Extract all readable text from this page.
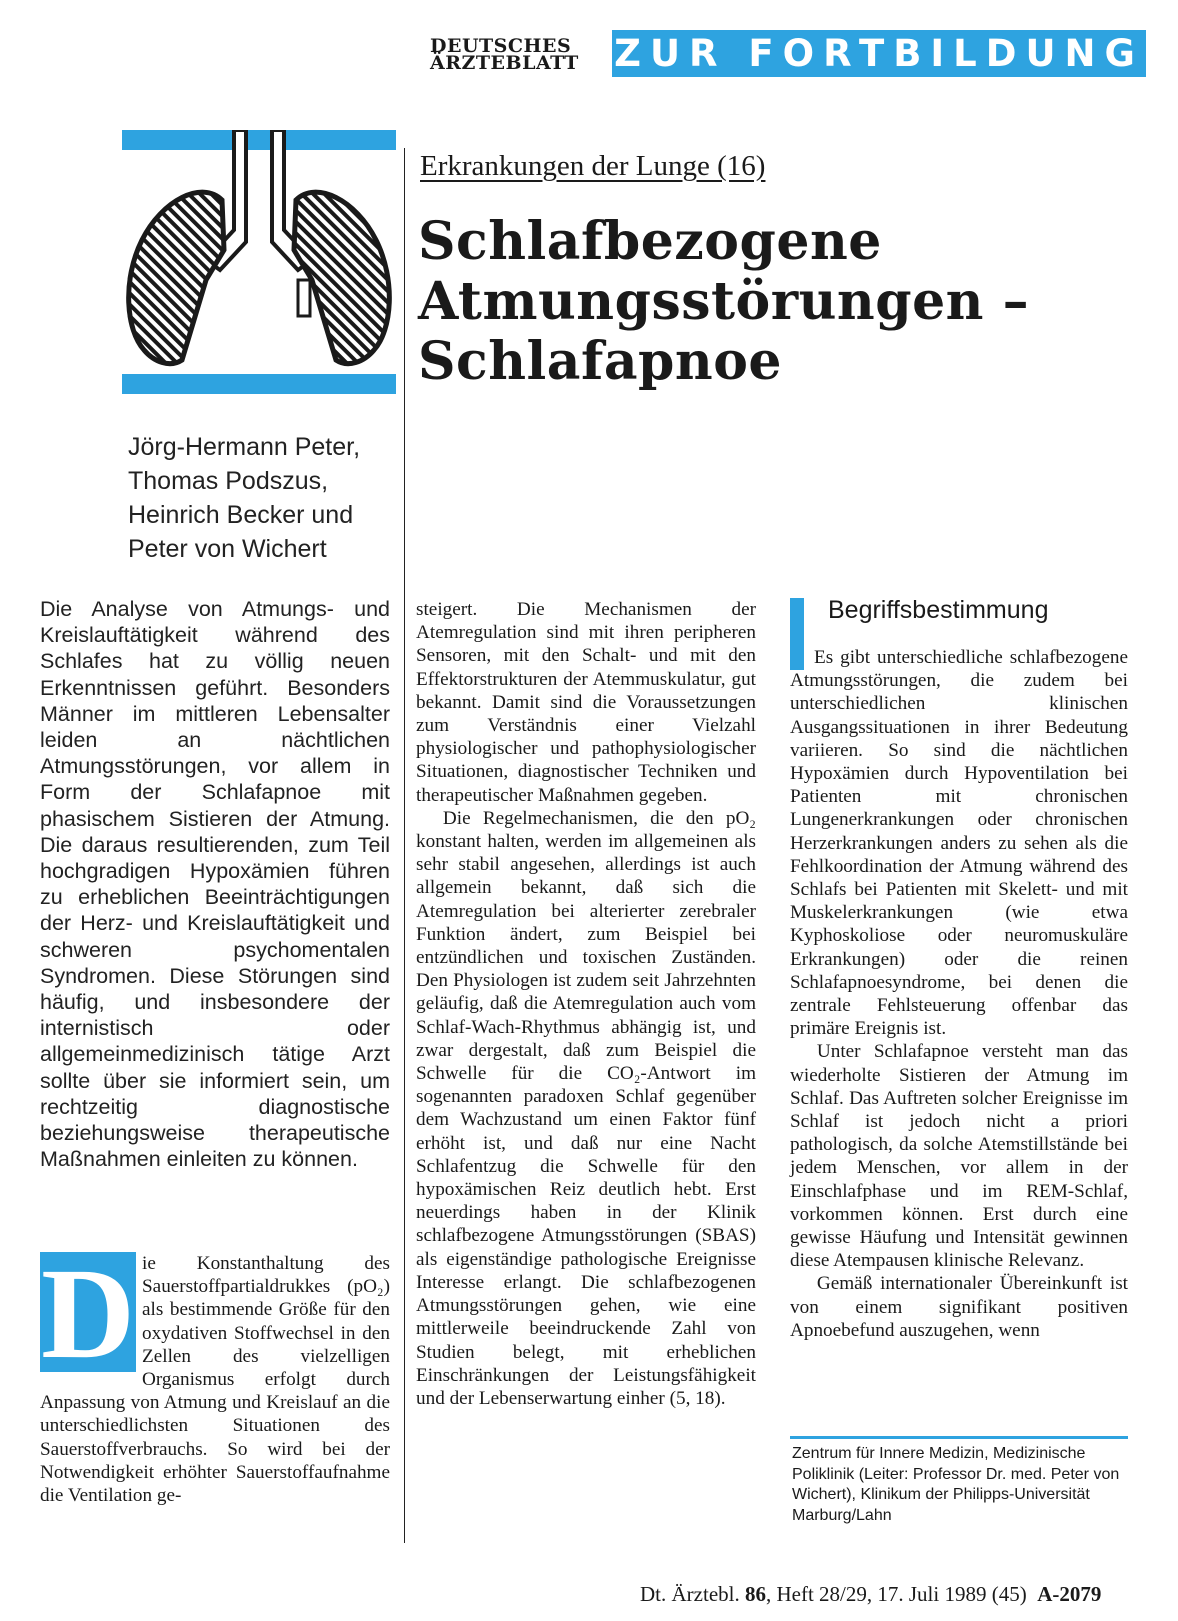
DEUTSCHES
ÄRZTEBLATT ZUR FORTBILDUNG
Jörg-Hermann Peter,
Thomas Podszus,
Heinrich Becker und
Peter von Wichert
Erkrankungen der Lunge (16)
Schlafbezogene
Atmungsstörungen –
Schlafapnoe
Die Analyse von Atmungs- und Kreislauftätigkeit während des Schlafes hat zu völlig neuen Erkenntnissen geführt. Besonders Männer im mittleren Lebensalter leiden an nächtlichen Atmungsstörungen, vor allem in Form der Schlafapnoe mit phasischem Sistieren der Atmung. Die daraus resultierenden, zum Teil hochgradigen Hypoxämien führen zu erheblichen Beeinträchtigungen der Herz- und Kreislauftätigkeit und schweren psychomentalen Syndromen. Diese Störungen sind häufig, und insbesondere der internistisch oder allgemeinmedizinisch tätige Arzt sollte über sie informiert sein, um rechtzeitig diagnostische beziehungsweise therapeutische Maßnahmen einleiten zu können.
D ie Konstanthaltung des Sauerstoffpartialdrukkes (pO₂) als bestimmende Größe für den oxydativen Stoffwechsel in den Zellen des vielzelligen Organismus erfolgt durch Anpassung von Atmung und Kreislauf an die unterschiedlichsten Situationen des Sauerstoffverbrauchs. So wird bei der Notwendigkeit erhöhter Sauerstoffaufnahme die Ventilation ge-

steigert. Die Mechanismen der Atemregulation sind mit ihren peripheren Sensoren, mit den Schalt- und mit den Effektorstrukturen der Atemmuskulatur, gut bekannt. Damit sind die Voraussetzungen zum Verständnis einer Vielzahl physiologischer und pathophysiologischer Situationen, diagnostischer Techniken und therapeutischer Maßnahmen gegeben.

Die Regelmechanismen, die den pO₂ konstant halten, werden im allgemeinen als sehr stabil angesehen, allerdings ist auch allgemein bekannt, daß sich die Atemregulation bei alterierter zerebraler Funktion ändert, zum Beispiel bei entzündlichen und toxischen Zuständen. Den Physiologen ist zudem seit Jahrzehnten geläufig, daß die Atemregulation auch vom Schlaf-Wach-Rhythmus abhängig ist, und zwar dergestalt, daß zum Beispiel die Schwelle für die CO₂-Antwort im sogenannten paradoxen Schlaf gegenüber dem Wachzustand um einen Faktor fünf erhöht ist, und daß nur eine Nacht Schlafentzug die Schwelle für den hypoxämischen Reiz deutlich hebt. Erst neuerdings haben in der Klinik schlafbezogene Atmungsstörungen (SBAS) als eigenständige pathologische Ereignisse Interesse erlangt. Die schlafbezogenen Atmungsstörungen gehen, wie eine mittlerweile beeindruckende Zahl von Studien belegt, mit erheblichen Einschränkungen der Leistungsfähigkeit und der Lebenserwartung einher (5, 18).

Begriffsbestimmung

Es gibt unterschiedliche schlafbezogene Atmungsstörungen, die zudem bei unterschiedlichen klinischen Ausgangssituationen in ihrer Bedeutung variieren. So sind die nächtlichen Hypoxämien durch Hypoventilation bei Patienten mit chronischen Lungenerkrankungen oder chronischen Herzerkrankungen anders zu sehen als die Fehlkoordination der Atmung während des Schlafs bei Patienten mit Skelett- und mit Muskelerkrankungen (wie etwa Kyphoskoliose oder neuromuskuläre Erkrankungen) oder die reinen Schlafapnoesyndrome, bei denen die zentrale Fehlsteuerung offenbar das primäre Ereignis ist.

Unter Schlafapnoe versteht man das wiederholte Sistieren der Atmung im Schlaf. Das Auftreten solcher Ereignisse im Schlaf ist jedoch nicht a priori pathologisch, da solche Atemstillstände bei jedem Menschen, vor allem in der Einschlafphase und im REM-Schlaf, vorkommen können. Erst durch eine gewisse Häufung und Intensität gewinnen diese Atempausen klinische Relevanz.

Gemäß internationaler Übereinkunft ist von einem signifikant positiven Apnoebefund auszugehen, wenn

Zentrum für Innere Medizin, Medizinische Poliklinik (Leiter: Professor Dr. med. Peter von Wichert), Klinikum der Philipps-Universität Marburg/Lahn
Dt. Ärztebl. 86, Heft 28/29, 17. Juli 1989 (45) A-2079
